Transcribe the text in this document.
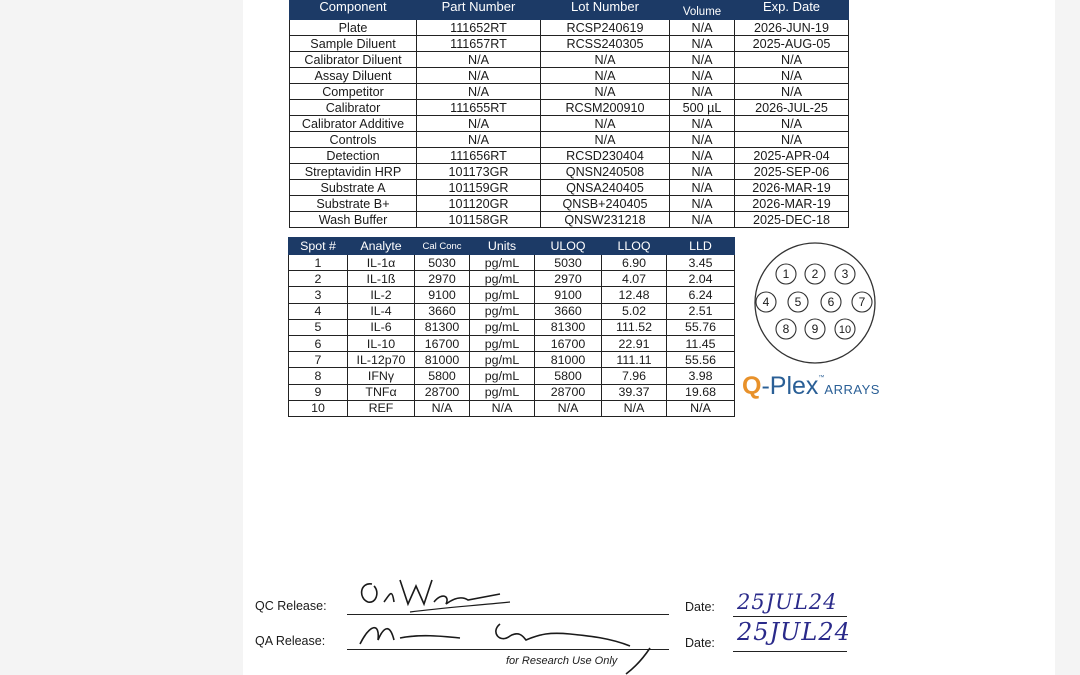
Component	Part Number	Lot Number	Volume	Exp. Date
Plate	111652RT	RCSP240619	N/A	2026-JUN-19
Sample Diluent	111657RT	RCSS240305	N/A	2025-AUG-05
Calibrator Diluent	N/A	N/A	N/A	N/A
Assay Diluent	N/A	N/A	N/A	N/A
Competitor	N/A	N/A	N/A	N/A
Calibrator	111655RT	RCSM200910	500 µL	2026-JUL-25
Calibrator Additive	N/A	N/A	N/A	N/A
Controls	N/A	N/A	N/A	N/A
Detection	111656RT	RCSD230404	N/A	2025-APR-04
Streptavidin HRP	101173GR	QNSN240508	N/A	2025-SEP-06
Substrate A	101159GR	QNSA240405	N/A	2026-MAR-19
Substrate B+	101120GR	QNSB+240405	N/A	2026-MAR-19
Wash Buffer	101158GR	QNSW231218	N/A	2025-DEC-18
Spot #	Analyte	Cal Conc	Units	ULOQ	LLOQ	LLD
1	IL-1α	5030	pg/mL	5030	6.90	3.45
2	IL-1ß	2970	pg/mL	2970	4.07	2.04
3	IL-2	9100	pg/mL	9100	12.48	6.24
4	IL-4	3660	pg/mL	3660	5.02	2.51
5	IL-6	81300	pg/mL	81300	111.52	55.76
6	IL-10	16700	pg/mL	16700	22.91	11.45
7	IL-12p70	81000	pg/mL	81000	111.11	55.56
8	IFNγ	5800	pg/mL	5800	7.96	3.98
9	TNFα	28700	pg/mL	28700	39.37	19.68
10	REF	N/A	N/A	N/A	N/A	N/A
1 2 3
4 5 6 7
8 9 10
Q-Plex™ARRAYS
QC Release:	Date: 25JUL24
QA Release:	Date: 25JUL24
for Research Use Only
